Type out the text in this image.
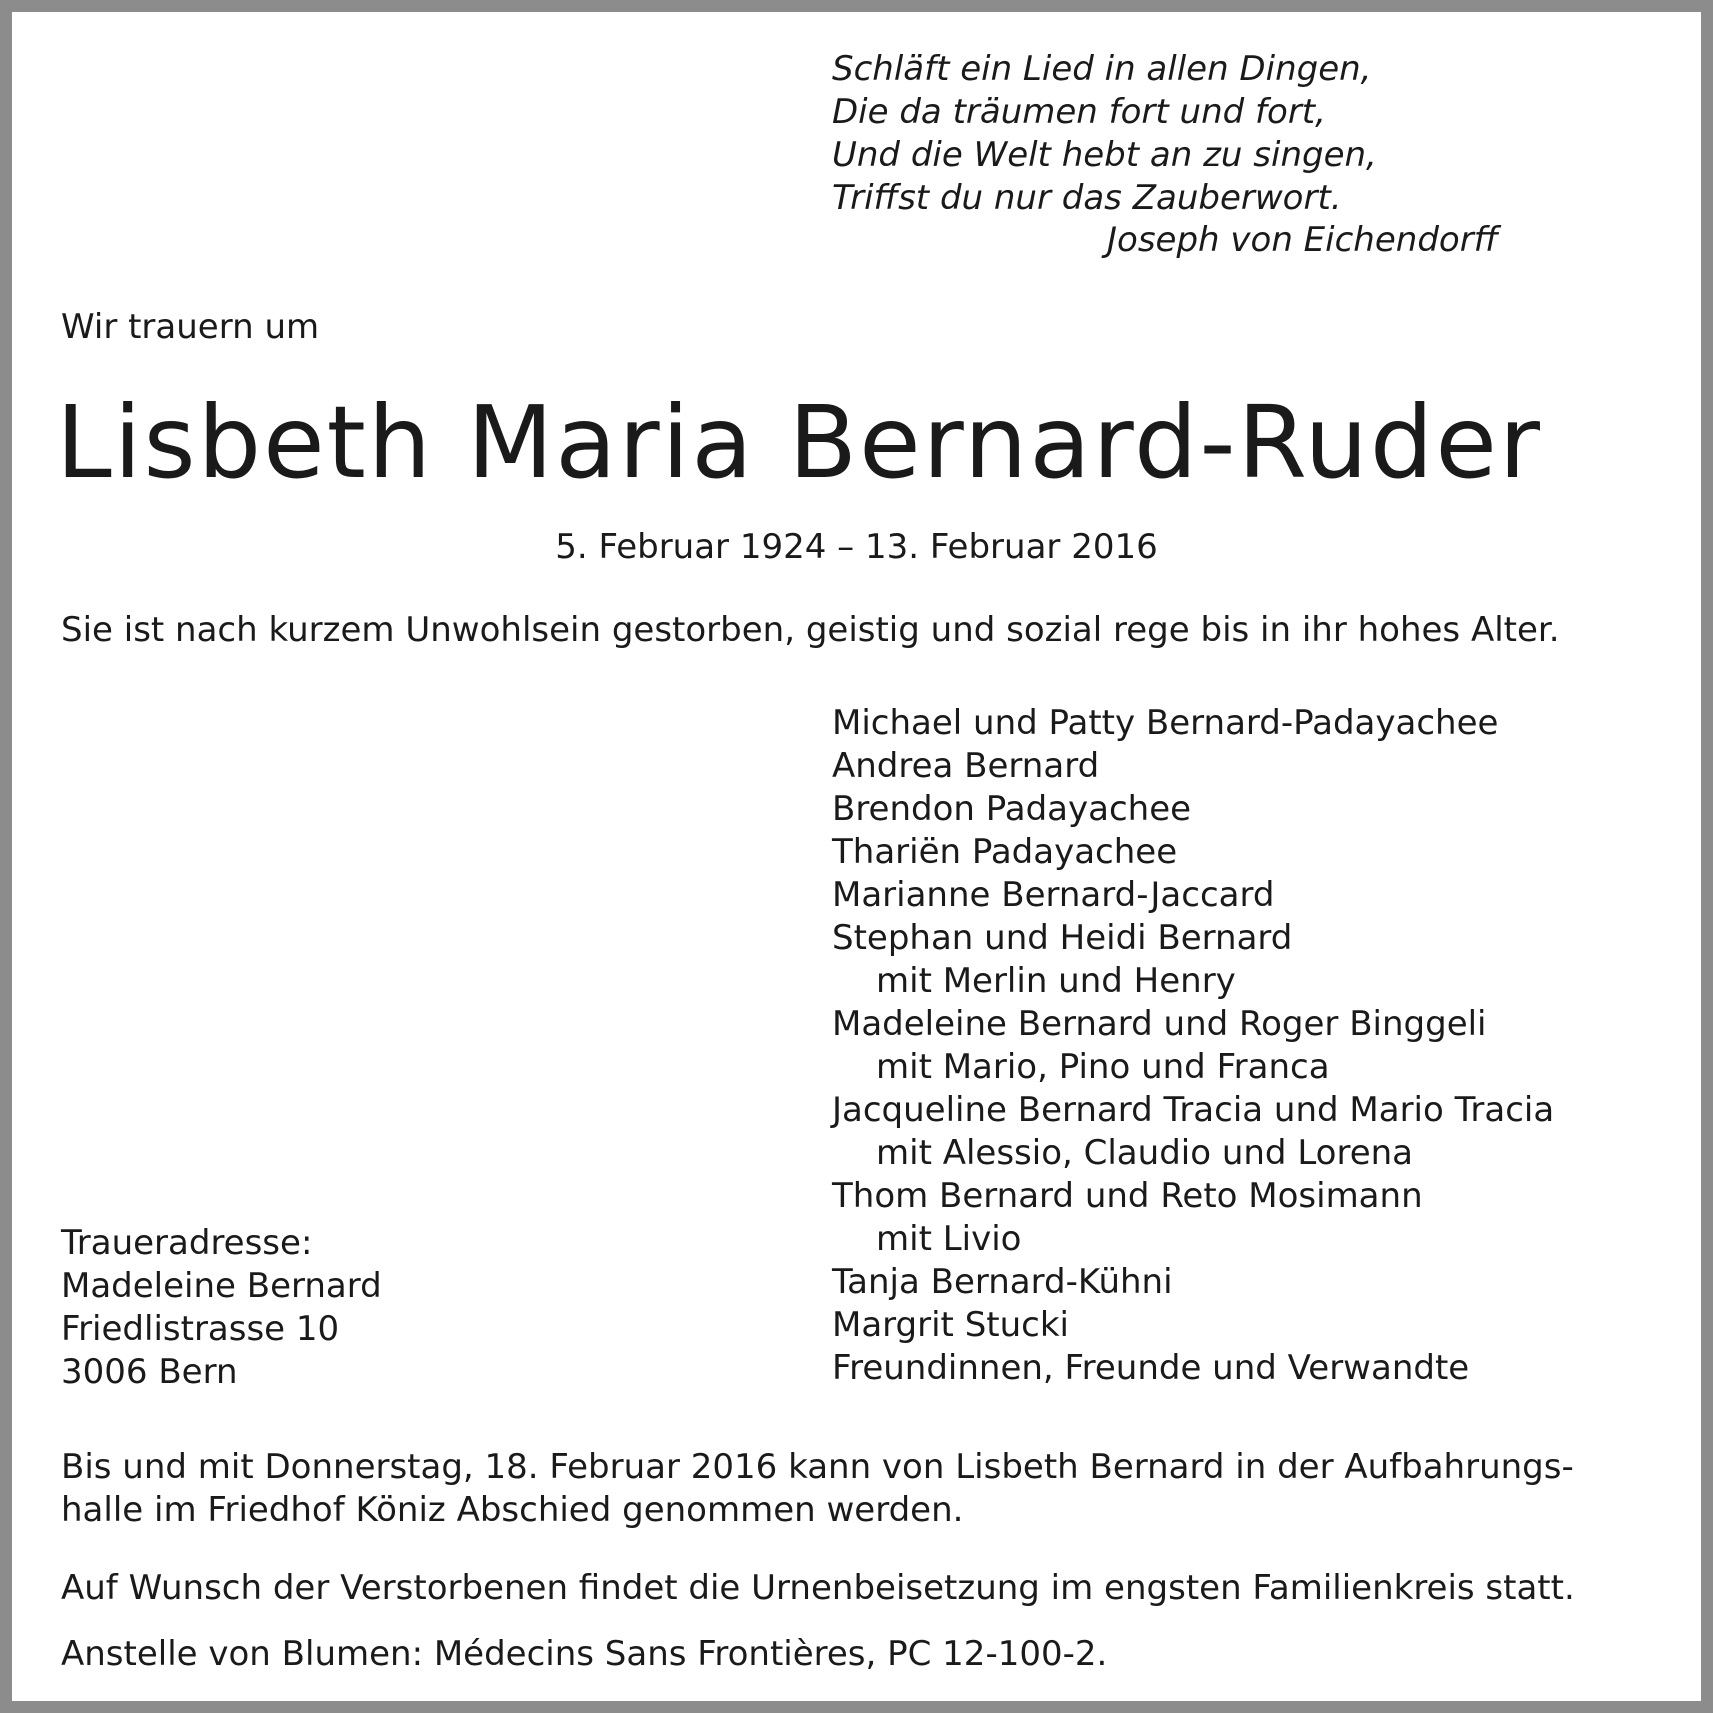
Schläft ein Lied in allen Dingen,
Die da träumen fort und fort,
Und die Welt hebt an zu singen,
Triffst du nur das Zauberwort.
Joseph von Eichendorff
Wir trauern um
Lisbeth Maria Bernard-Ruder
5. Februar 1924 – 13. Februar 2016
Sie ist nach kurzem Unwohlsein gestorben, geistig und sozial rege bis in ihr hohes Alter.
Michael und Patty Bernard-Padayachee
Andrea Bernard
Brendon Padayachee
Thariën Padayachee
Marianne Bernard-Jaccard
Stephan und Heidi Bernard
mit Merlin und Henry
Madeleine Bernard und Roger Binggeli
mit Mario, Pino und Franca
Jacqueline Bernard Tracia und Mario Tracia
mit Alessio, Claudio und Lorena
Thom Bernard und Reto Mosimann
mit Livio
Tanja Bernard-Kühni
Margrit Stucki
Freundinnen, Freunde und Verwandte
Traueradresse:
Madeleine Bernard
Friedlistrasse 10
3006 Bern
Bis und mit Donnerstag, 18. Februar 2016 kann von Lisbeth Bernard in der Aufbahrungs-
halle im Friedhof Köniz Abschied genommen werden.
Auf Wunsch der Verstorbenen findet die Urnenbeisetzung im engsten Familienkreis statt.
Anstelle von Blumen: Médecins Sans Frontières, PC 12-100-2.
